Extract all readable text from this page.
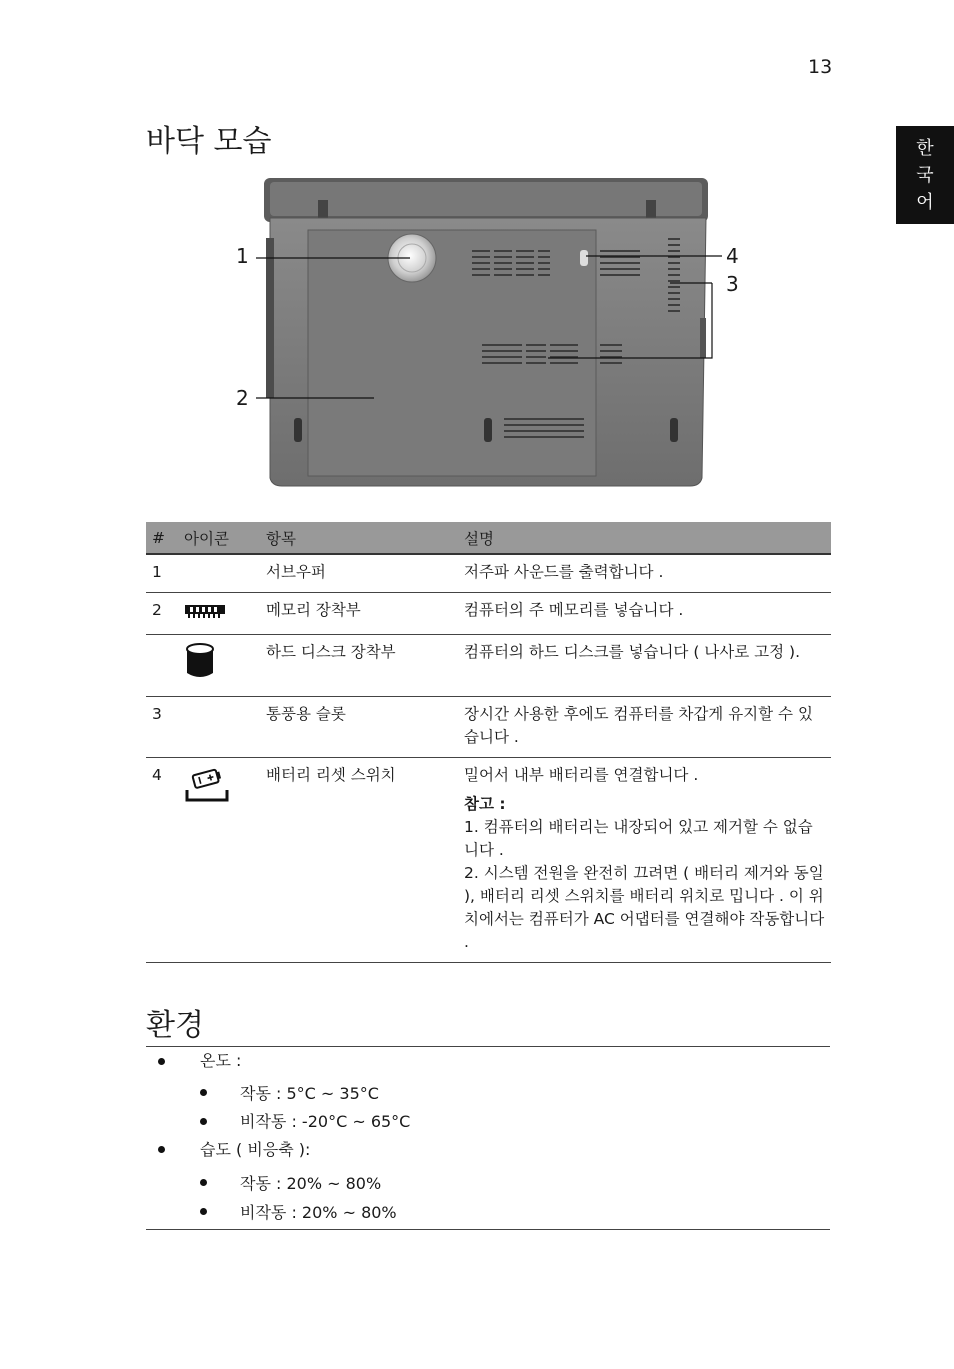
13
한
국
어
바닥 모습
1
2
3
4
#	아이콘	항목	설명
1		서브우퍼	저주파 사운드를 출력합니다 .
2		메모리 장착부	컴퓨터의 주 메모리를 넣습니다 .
		하드 디스크 장착부	컴퓨터의 하드 디스크를 넣습니다 ( 나사로 고정 ).
3		통풍용 슬롯	장시간 사용한 후에도 컴퓨터를 차갑게 유지할 수 있습니다 .
4		배터리 리셋 스위치	밀어서 내부 배터리를 연결합니다 .
참고 :
1. 컴퓨터의 배터리는 내장되어 있고 제거할 수 없습니다 .
2. 시스템 전원을 완전히 끄려면 ( 배터리 제거와 동일 ), 배터리 리셋 스위치를 배터리 위치로 밉니다 . 이 위치에서는 컴퓨터가 AC 어댑터를 연결해야 작동합니다 .
환경
온도 :
작동 : 5°C ~ 35°C
비작동 : -20°C ~ 65°C
습도 ( 비응축 ):
작동 : 20% ~ 80%
비작동 : 20% ~ 80%
